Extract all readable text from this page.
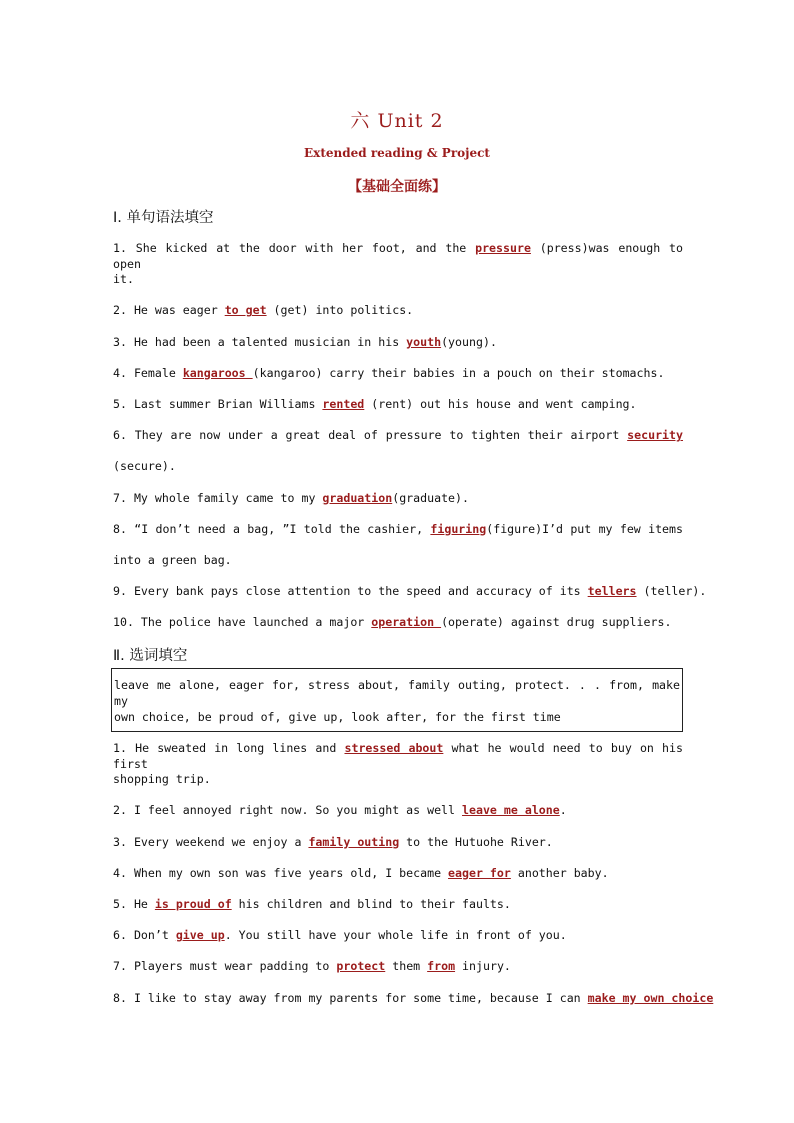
六 Unit 2
Extended reading & Project
【基础全面练】
Ⅰ. 单句语法填空
1. She kicked at the door with her foot, and the pressure (press)was enough to open
it.
2. He was eager to get (get) into politics.
3. He had been a talented musician in his youth(young).
4. Female kangaroos (kangaroo) carry their babies in a pouch on their stomachs.
5. Last summer Brian Williams rented (rent) out his house and went camping.
6. They are now under a great deal of pressure to tighten their airport security
(secure).
7. My whole family came to my graduation(graduate).
8. “I don’t need a bag, ”I told the cashier, figuring(figure)I’d put my few items
into a green bag.
9. Every bank pays close attention to the speed and accuracy of its tellers (teller).
10. The police have launched a major operation (operate) against drug suppliers.
Ⅱ. 选词填空
leave me alone, eager for, stress about, family outing, protect. . . from, make my
own choice, be proud of, give up, look after, for the first time
1. He sweated in long lines and stressed about what he would need to buy on his first
shopping trip.
2. I feel annoyed right now. So you might as well leave me alone.
3. Every weekend we enjoy a family outing to the Hutuohe River.
4. When my own son was five years old, I became eager for another baby.
5. He is proud of his children and blind to their faults.
6. Don’t give up. You still have your whole life in front of you.
7. Players must wear padding to protect them from injury.
8. I like to stay away from my parents for some time, because I can make my own choice
